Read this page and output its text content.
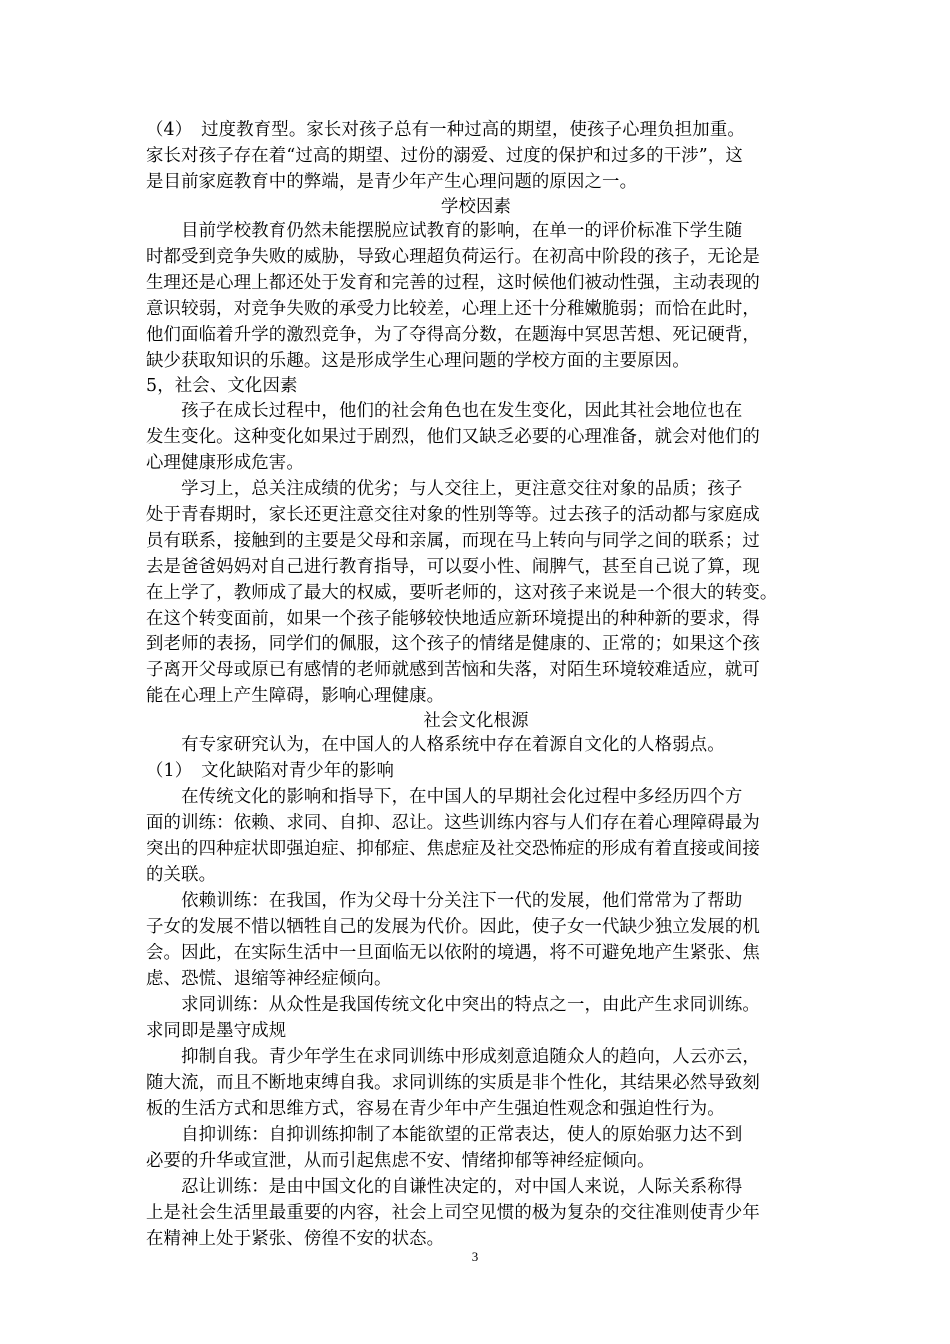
（4）　过度教育型。家长对孩子总有一种过高的期望，使孩子心理负担加重。
家长对孩子存在着“过高的期望、过份的溺爱、过度的保护和过多的干涉”，这
是目前家庭教育中的弊端，是青少年产生心理问题的原因之一。
学校因素
　　目前学校教育仍然未能摆脱应试教育的影响，在单一的评价标准下学生随
时都受到竞争失败的威胁，导致心理超负荷运行。在初高中阶段的孩子，无论是
生理还是心理上都还处于发育和完善的过程，这时候他们被动性强，主动表现的
意识较弱，对竞争失败的承受力比较差，心理上还十分稚嫩脆弱；而恰在此时，
他们面临着升学的激烈竞争，为了夺得高分数，在题海中冥思苦想、死记硬背，
缺少获取知识的乐趣。这是形成学生心理问题的学校方面的主要原因。
5，社会、文化因素
　　孩子在成长过程中，他们的社会角色也在发生变化，因此其社会地位也在
发生变化。这种变化如果过于剧烈，他们又缺乏必要的心理准备，就会对他们的
心理健康形成危害。
　　学习上，总关注成绩的优劣；与人交往上，更注意交往对象的品质；孩子
处于青春期时，家长还更注意交往对象的性别等等。过去孩子的活动都与家庭成
员有联系，接触到的主要是父母和亲属，而现在马上转向与同学之间的联系；过
去是爸爸妈妈对自己进行教育指导，可以耍小性、闹脾气，甚至自己说了算，现
在上学了，教师成了最大的权威，要听老师的，这对孩子来说是一个很大的转变。
在这个转变面前，如果一个孩子能够较快地适应新环境提出的种种新的要求，得
到老师的表扬，同学们的佩服，这个孩子的情绪是健康的、正常的；如果这个孩
子离开父母或原已有感情的老师就感到苦恼和失落，对陌生环境较难适应，就可
能在心理上产生障碍，影响心理健康。
社会文化根源
　　有专家研究认为，在中国人的人格系统中存在着源自文化的人格弱点。
（1）　文化缺陷对青少年的影响
　　在传统文化的影响和指导下，在中国人的早期社会化过程中多经历四个方
面的训练：依赖、求同、自抑、忍让。这些训练内容与人们存在着心理障碍最为
突出的四种症状即强迫症、抑郁症、焦虑症及社交恐怖症的形成有着直接或间接
的关联。
　　依赖训练：在我国，作为父母十分关注下一代的发展，他们常常为了帮助
子女的发展不惜以牺牲自己的发展为代价。因此，使子女一代缺少独立发展的机
会。因此，在实际生活中一旦面临无以依附的境遇，将不可避免地产生紧张、焦
虑、恐慌、退缩等神经症倾向。
　　求同训练：从众性是我国传统文化中突出的特点之一，由此产生求同训练。
求同即是墨守成规
　　抑制自我。青少年学生在求同训练中形成刻意追随众人的趋向，人云亦云，
随大流，而且不断地束缚自我。求同训练的实质是非个性化，其结果必然导致刻
板的生活方式和思维方式，容易在青少年中产生强迫性观念和强迫性行为。
　　自抑训练：自抑训练抑制了本能欲望的正常表达，使人的原始驱力达不到
必要的升华或宣泄，从而引起焦虑不安、情绪抑郁等神经症倾向。
　　忍让训练：是由中国文化的自谦性决定的，对中国人来说，人际关系称得
上是社会生活里最重要的内容，社会上司空见惯的极为复杂的交往准则使青少年
在精神上处于紧张、傍徨不安的状态。
3
